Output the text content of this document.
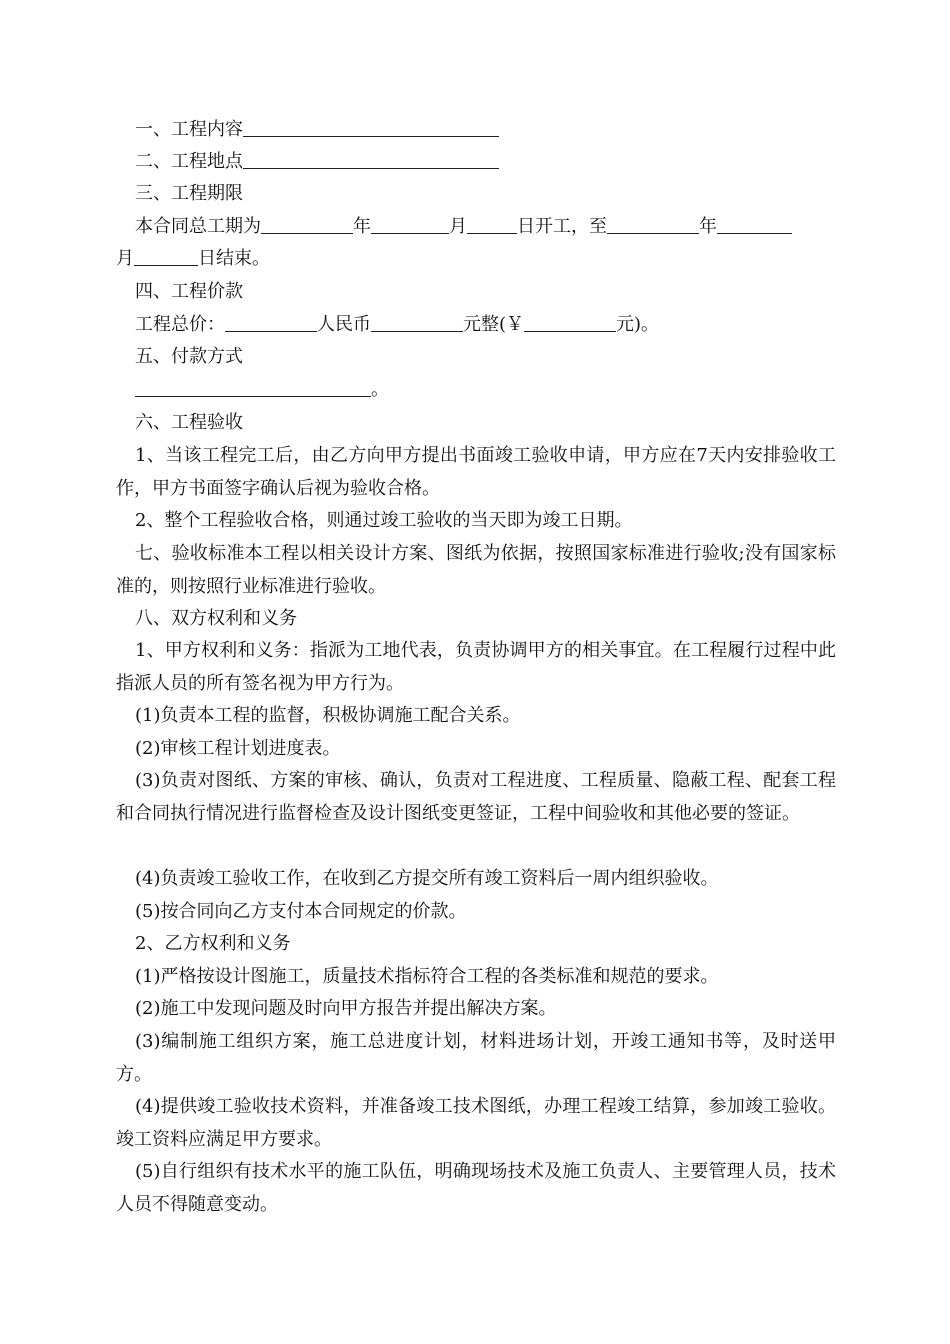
一、工程内容
二、工程地点
三、工程期限
本合同总工期为	年	月	日开工，至	年
月	日结束。
四、工程价款
工程总价：	人民币	元整(￥	元)。
五、付款方式
。
六、工程验收
1、当该工程完工后，由乙方向甲方提出书面竣工验收申请，甲方应在7天内安排验收工作，甲方书面签字确认后视为验收合格。
2、整个工程验收合格，则通过竣工验收的当天即为竣工日期。
七、验收标准本工程以相关设计方案、图纸为依据，按照国家标准进行验收;没有国家标准的，则按照行业标准进行验收。
八、双方权利和义务
1、甲方权利和义务：指派为工地代表，负责协调甲方的相关事宜。在工程履行过程中此指派人员的所有签名视为甲方行为。
(1)负责本工程的监督，积极协调施工配合关系。
(2)审核工程计划进度表。
(3)负责对图纸、方案的审核、确认，负责对工程进度、工程质量、隐蔽工程、配套工程和合同执行情况进行监督检查及设计图纸变更签证，工程中间验收和其他必要的签证。
(4)负责竣工验收工作，在收到乙方提交所有竣工资料后一周内组织验收。
(5)按合同向乙方支付本合同规定的价款。
2、乙方权利和义务
(1)严格按设计图施工，质量技术指标符合工程的各类标准和规范的要求。
(2)施工中发现问题及时向甲方报告并提出解决方案。
(3)编制施工组织方案，施工总进度计划，材料进场计划，开竣工通知书等，及时送甲方。
(4)提供竣工验收技术资料，并准备竣工技术图纸，办理工程竣工结算，参加竣工验收。竣工资料应满足甲方要求。
(5)自行组织有技术水平的施工队伍，明确现场技术及施工负责人、主要管理人员，技术人员不得随意变动。
